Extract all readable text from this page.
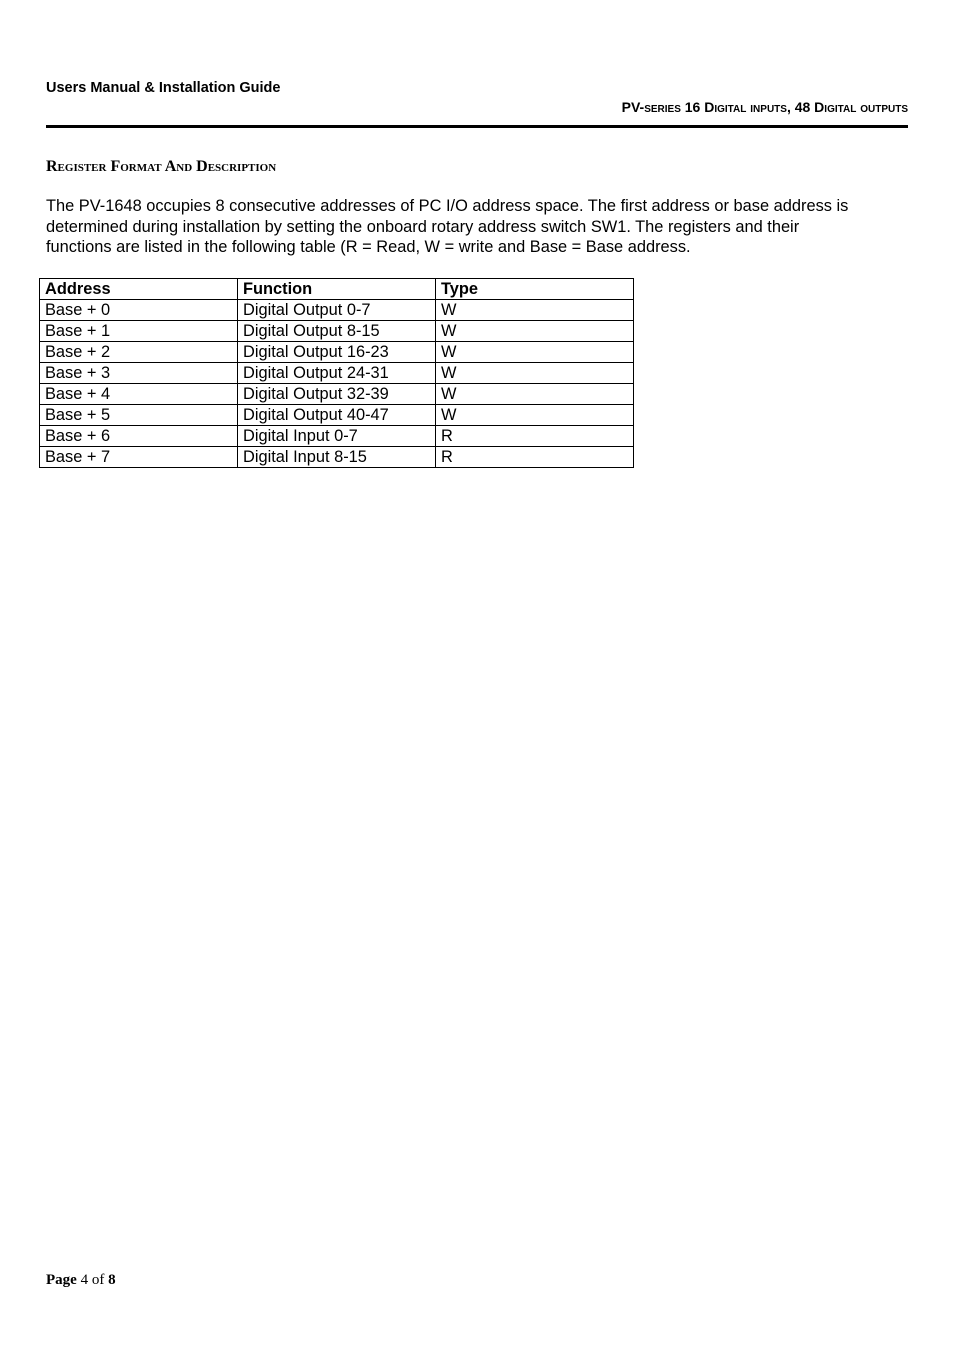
Users Manual & Installation Guide
PV-series 16 Digital inputs, 48 Digital outputs
Register Format And Description
The PV-1648 occupies 8 consecutive addresses of PC I/O address space. The first address or base address is
determined during installation by setting the onboard rotary address switch SW1. The registers and their
functions are listed in the following table (R = Read, W = write and Base = Base address.
Address	Function	Type
Base + 0	Digital Output 0-7	W
Base + 1	Digital Output 8-15	W
Base + 2	Digital Output 16-23	W
Base + 3	Digital Output 24-31	W
Base + 4	Digital Output 32-39	W
Base + 5	Digital Output 40-47	W
Base + 6	Digital Input 0-7	R
Base + 7	Digital Input 8-15	R
Page 4 of 8
